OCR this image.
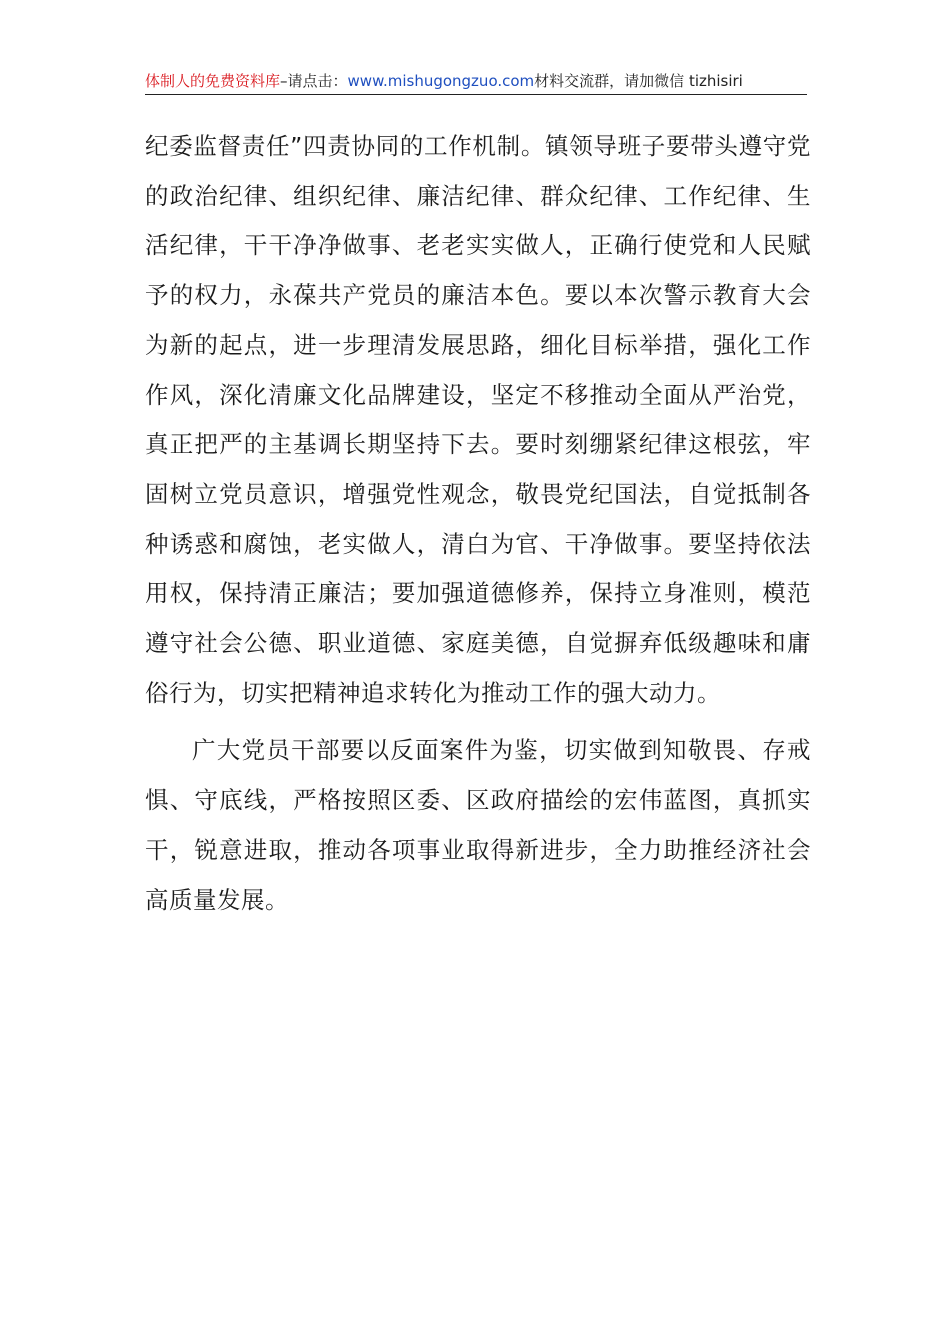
体制人的免费资料库–请点击：www.mishugongzuo.com材料交流群，请加微信 tizhisiri

纪委监督责任”四责协同的工作机制。镇领导班子要带头遵守党的政治纪律、组织纪律、廉洁纪律、群众纪律、工作纪律、生活纪律，干干净净做事、老老实实做人，正确行使党和人民赋予的权力，永葆共产党员的廉洁本色。要以本次警示教育大会为新的起点，进一步理清发展思路，细化目标举措，强化工作作风，深化清廉文化品牌建设，坚定不移推动全面从严治党，真正把严的主基调长期坚持下去。要时刻绷紧纪律这根弦，牢固树立党员意识，增强党性观念，敬畏党纪国法，自觉抵制各种诱惑和腐蚀，老实做人，清白为官、干净做事。要坚持依法用权，保持清正廉洁；要加强道德修养，保持立身准则，模范遵守社会公德、职业道德、家庭美德，自觉摒弃低级趣味和庸俗行为，切实把精神追求转化为推动工作的强大动力。

广大党员干部要以反面案件为鉴，切实做到知敬畏、存戒惧、守底线，严格按照区委、区政府描绘的宏伟蓝图，真抓实干，锐意进取，推动各项事业取得新进步，全力助推经济社会高质量发展。
